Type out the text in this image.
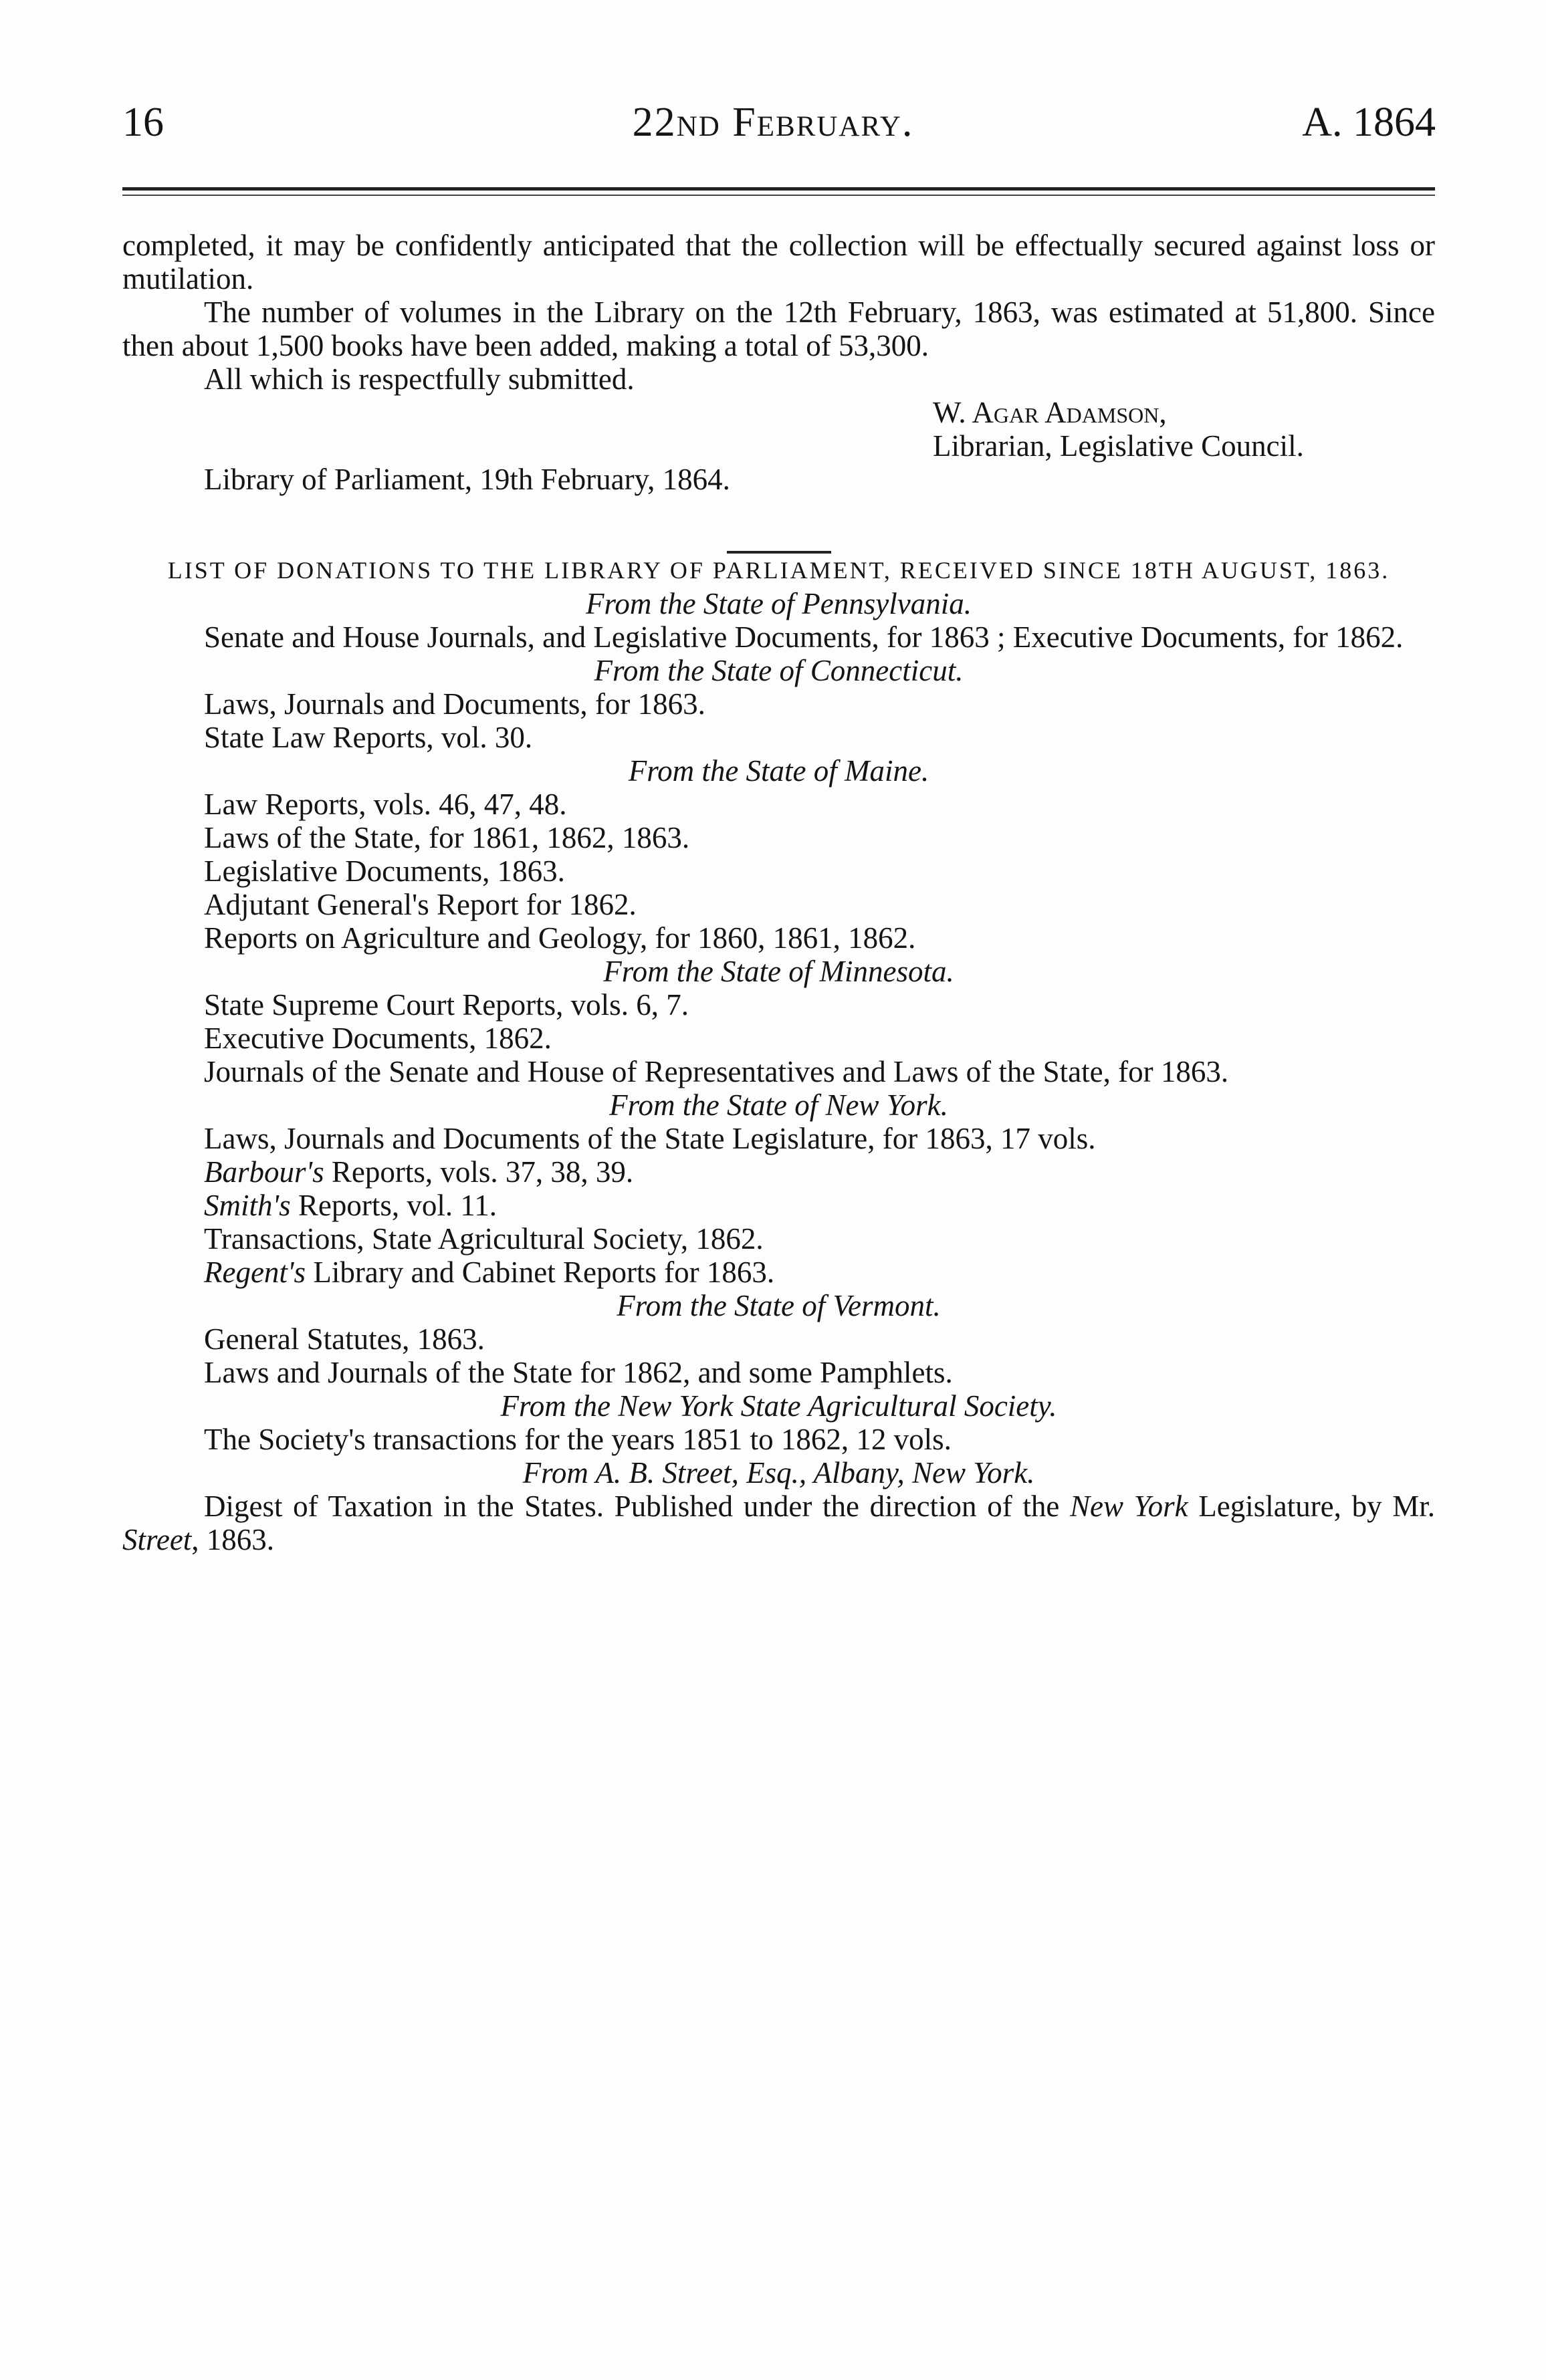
16	22nd February.	A. 1864

completed, it may be confidently anticipated that the collection will be effectually secured against loss or mutilation.

The number of volumes in the Library on the 12th February, 1863, was estimated at 51,800. Since then about 1,500 books have been added, making a total of 53,300.

All which is respectfully submitted.

W. Agar Adamson,

Librarian, Legislative Council.

Library of Parliament, 19th February, 1864.

LIST OF DONATIONS TO THE LIBRARY OF PARLIAMENT, RECEIVED SINCE 18TH AUGUST, 1863.

From the State of Pennsylvania.

Senate and House Journals, and Legislative Documents, for 1863 ; Executive Documents, for 1862.

From the State of Connecticut.

Laws, Journals and Documents, for 1863.

State Law Reports, vol. 30.

From the State of Maine.

Law Reports, vols. 46, 47, 48.

Laws of the State, for 1861, 1862, 1863.

Legislative Documents, 1863.

Adjutant General's Report for 1862.

Reports on Agriculture and Geology, for 1860, 1861, 1862.

From the State of Minnesota.

State Supreme Court Reports, vols. 6, 7.

Executive Documents, 1862.

Journals of the Senate and House of Representatives and Laws of the State, for 1863.

From the State of New York.

Laws, Journals and Documents of the State Legislature, for 1863, 17 vols.

Barbour's Reports, vols. 37, 38, 39.

Smith's Reports, vol. 11.

Transactions, State Agricultural Society, 1862.

Regent's Library and Cabinet Reports for 1863.

From the State of Vermont.

General Statutes, 1863.

Laws and Journals of the State for 1862, and some Pamphlets.

From the New York State Agricultural Society.

The Society's transactions for the years 1851 to 1862, 12 vols.

From A. B. Street, Esq., Albany, New York.

Digest of Taxation in the States. Published under the direction of the New York Legislature, by Mr. Street, 1863.
